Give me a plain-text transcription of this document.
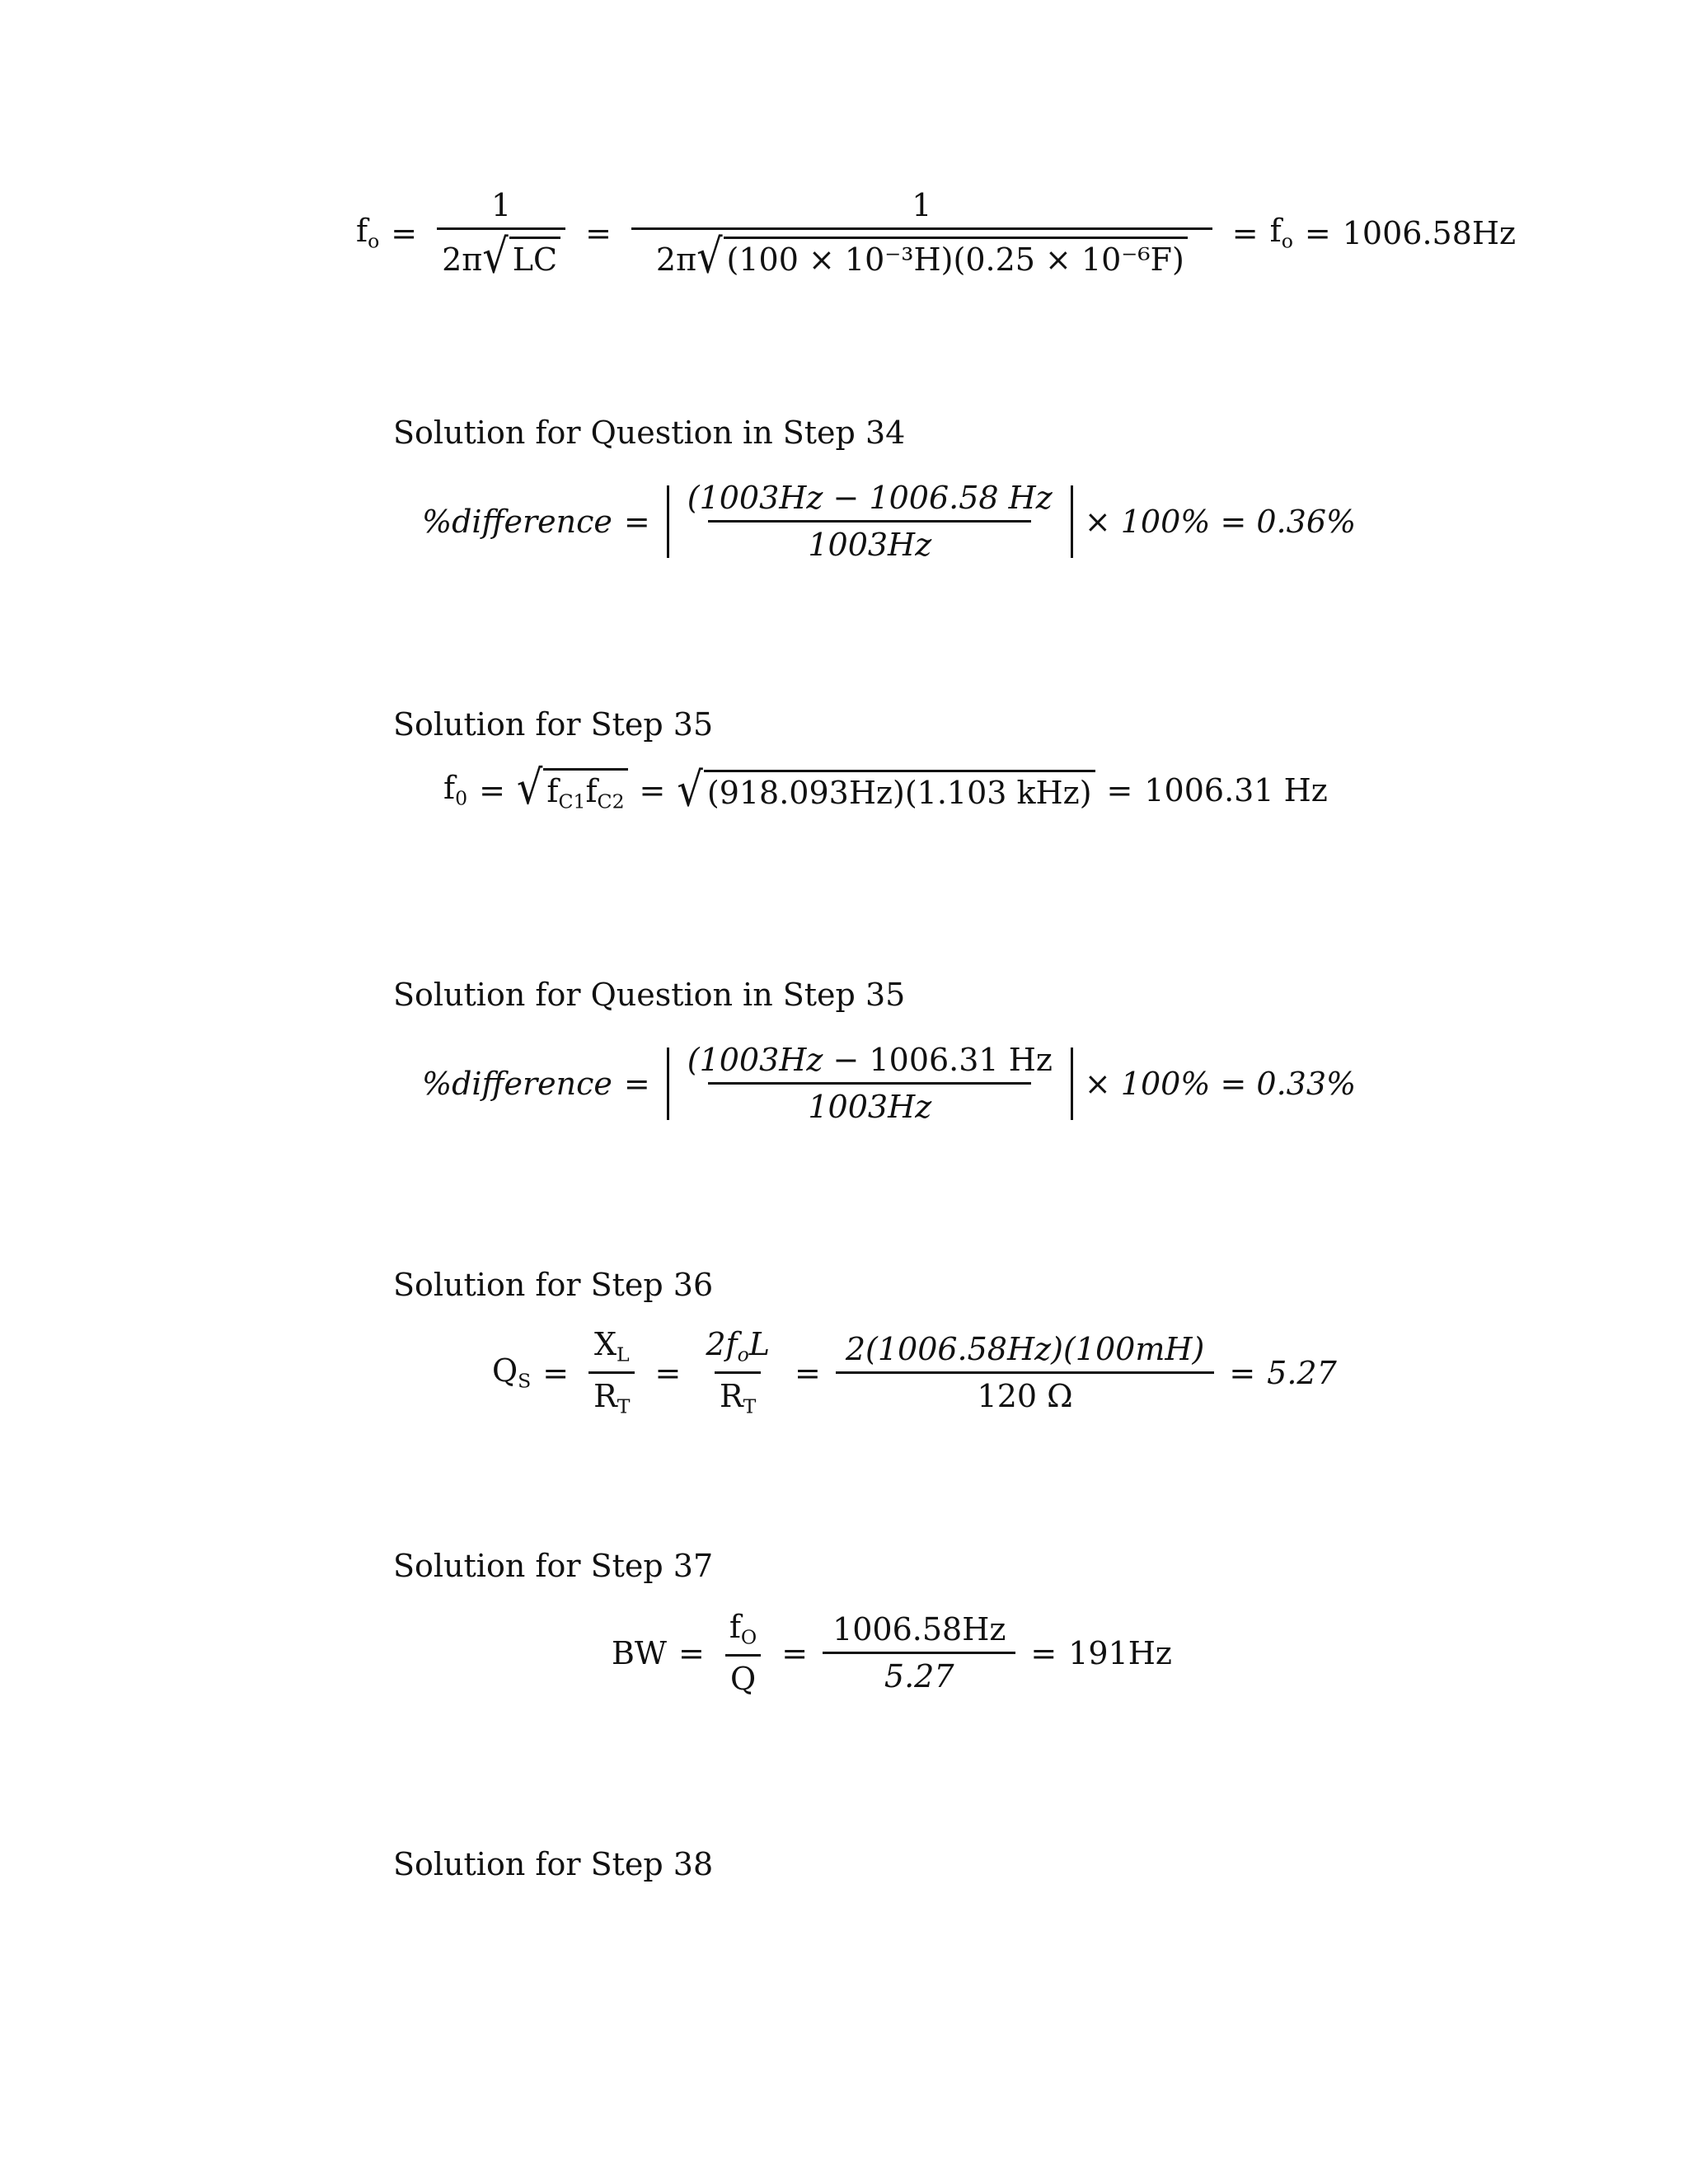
$f_o = \frac{1}{2\pi √ LC} = \frac{1}{\text{2π √ (100 × 10⁻³H)(0.25 × 10⁻⁶F)}} = f_o = 1006.58Hz$
Solution for Question in Step 34
%difference = $\frac{(1003Hz - 1006.58 Hz}{1003Hz} \times 100\% = 0.36\%$
Solution for Step 35
$f_0$ = √ $f_{C1}f_{C2}$ = √ (918.093Hz)(1.103 kHz) = 1006.31 Hz
Solution for Question in Step 35
%difference = $\frac{(1003Hz - 1006.31 Hz}{1003Hz} \times 100\% = 0.33\%$
Solution for Step 36
$Q_S = \frac{X_L}{R_T} = \frac{2f_oL}{R_T} = \frac{2(1006.58Hz)(100mH)}{120 \Omega} = 5.27$
Solution for Step 37
BW = $\frac{f_O}{Q} = \frac{1006.58Hz}{5.27} = 191Hz$
Solution for Step 38
